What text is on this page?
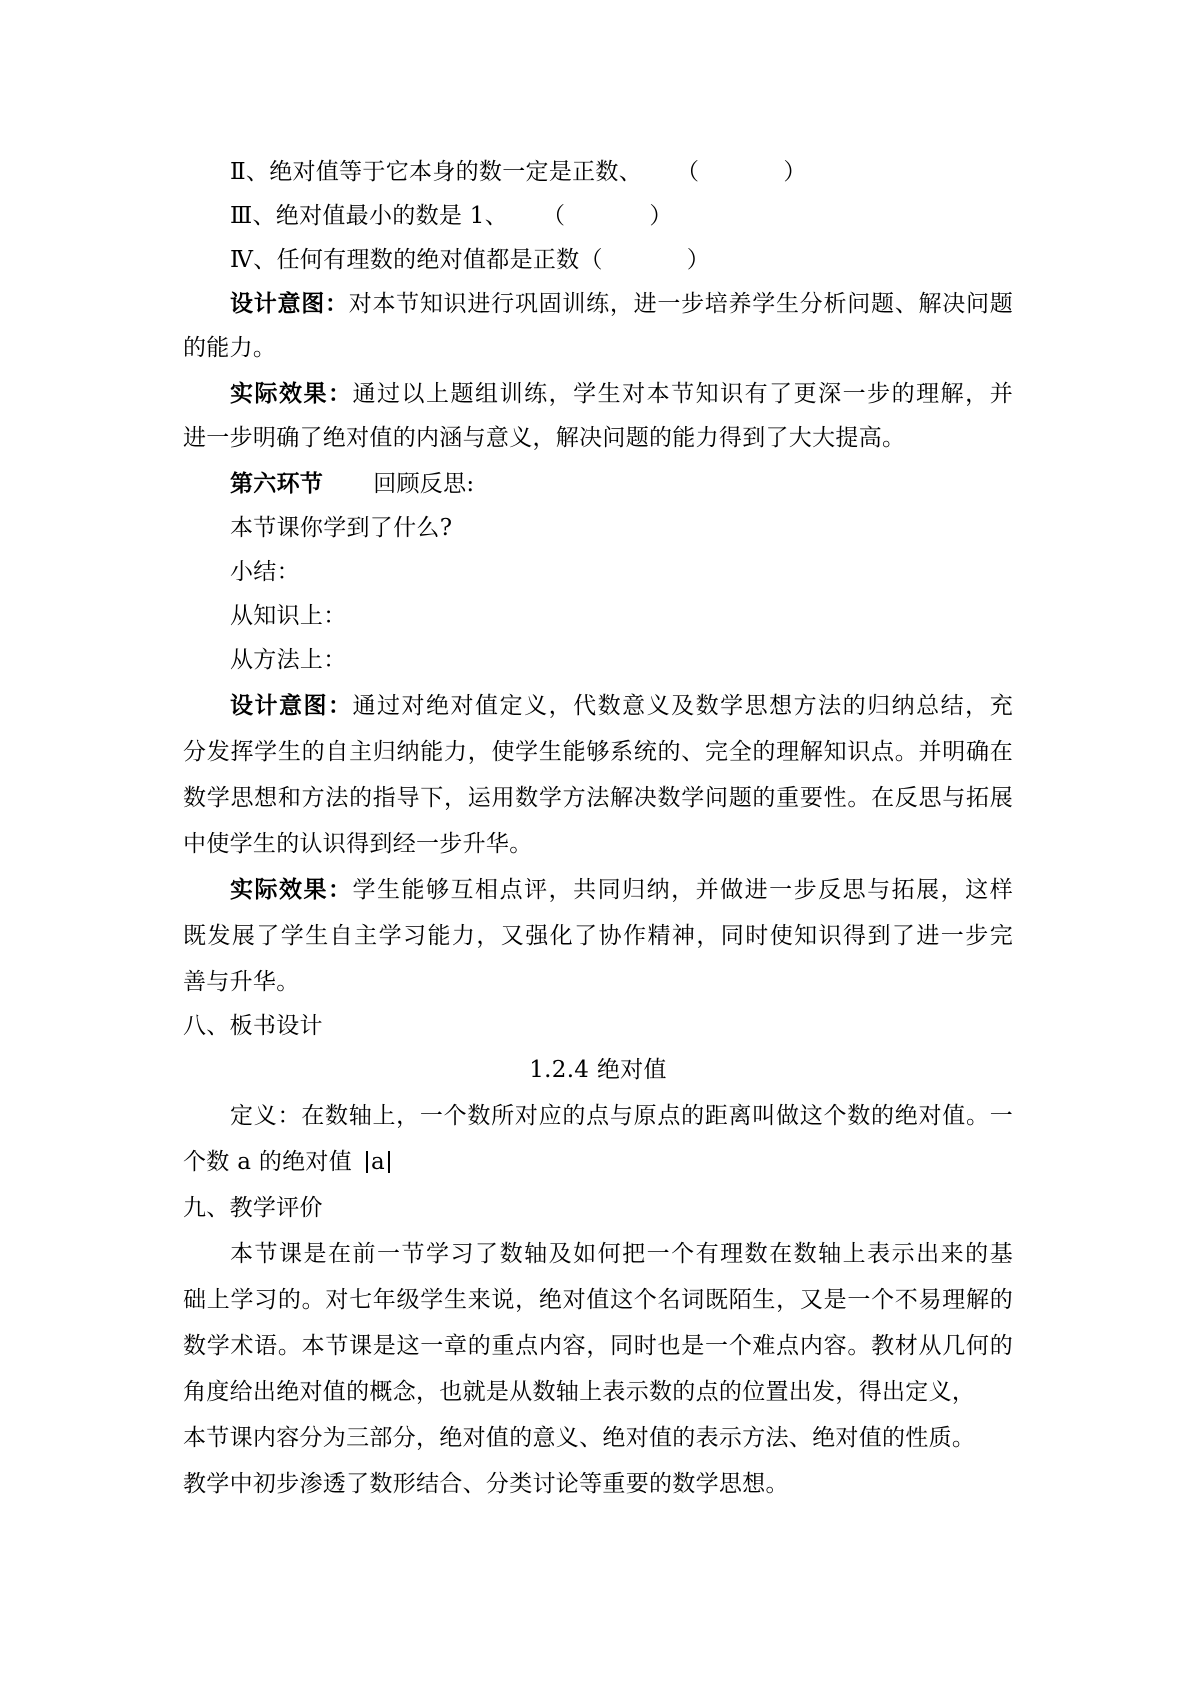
Ⅱ、绝对值等于它本身的数一定是正数、 （	）
Ⅲ、绝对值最小的数是 1、 （	）
Ⅳ、任何有理数的绝对值都是正数（	）
设计意图：对本节知识进行巩固训练，进一步培养学生分析问题、解决问题
的能力。
实际效果：通过以上题组训练，学生对本节知识有了更深一步的理解，并
进一步明确了绝对值的内涵与意义，解决问题的能力得到了大大提高。
第六环节 回顾反思:
本节课你学到了什么?
小结：
从知识上：
从方法上：
设计意图：通过对绝对值定义，代数意义及数学思想方法的归纳总结，充
分发挥学生的自主归纳能力，使学生能够系统的、完全的理解知识点。并明确在
数学思想和方法的指导下，运用数学方法解决数学问题的重要性。在反思与拓展
中使学生的认识得到经一步升华。
实际效果：学生能够互相点评，共同归纳，并做进一步反思与拓展，这样
既发展了学生自主学习能力，又强化了协作精神，同时使知识得到了进一步完
善与升华。
八、板书设计
1.2.4 绝对值
定义：在数轴上，一个数所对应的点与原点的距离叫做这个数的绝对值。一
个数 a 的绝对值 a
九、教学评价
本节课是在前一节学习了数轴及如何把一个有理数在数轴上表示出来的基
础上学习的。对七年级学生来说，绝对值这个名词既陌生，又是一个不易理解的
数学术语。本节课是这一章的重点内容，同时也是一个难点内容。教材从几何的
角度给出绝对值的概念，也就是从数轴上表示数的点的位置出发，得出定义，
本节课内容分为三部分，绝对值的意义、绝对值的表示方法、绝对值的性质。
教学中初步渗透了数形结合、分类讨论等重要的数学思想。
